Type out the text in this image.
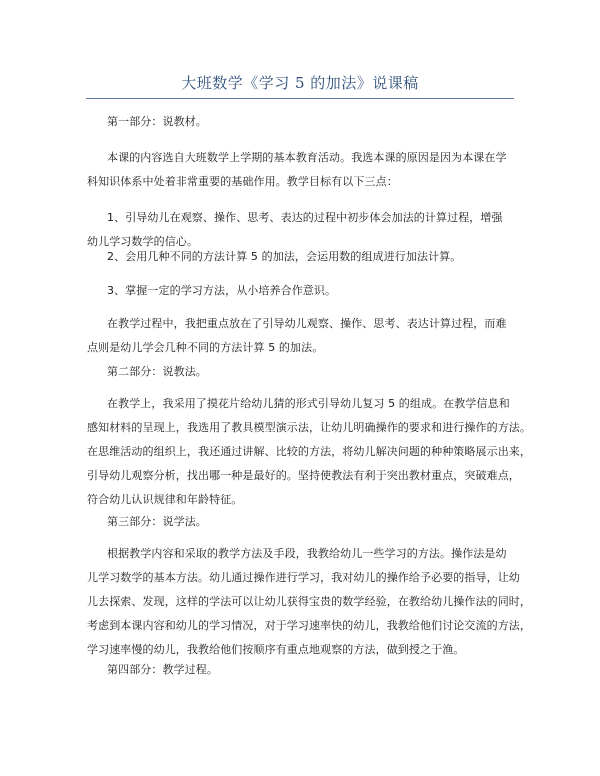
大班数学《学习 5 的加法》说课稿
第一部分：说教材。
本课的内容选自大班数学上学期的基本教育活动。我选本课的原因是因为本课在学
科知识体系中处着非常重要的基础作用。教学目标有以下三点：
1、引导幼儿在观察、操作、思考、表达的过程中初步体会加法的计算过程，增强
幼儿学习数学的信心。
2、会用几种不同的方法计算 5 的加法，会运用数的组成进行加法计算。
3、掌握一定的学习方法，从小培养合作意识。
在教学过程中，我把重点放在了引导幼儿观察、操作、思考、表达计算过程，而难
点则是幼儿学会几种不同的方法计算 5 的加法。
第二部分：说教法。
在教学上，我采用了摸花片给幼儿猜的形式引导幼儿复习 5 的组成。在教学信息和
感知材料的呈现上，我选用了教具模型演示法，让幼儿明确操作的要求和进行操作的方法。
在思维活动的组织上，我还通过讲解、比较的方法，将幼儿解决问题的种种策略展示出来，
引导幼儿观察分析，找出哪一种是最好的。坚持使教法有利于突出教材重点，突破难点，
符合幼儿认识规律和年龄特征。
第三部分：说学法。
根据教学内容和采取的教学方法及手段，我教给幼儿一些学习的方法。操作法是幼
儿学习数学的基本方法。幼儿通过操作进行学习，我对幼儿的操作给予必要的指导，让幼
儿去探索、发现，这样的学法可以让幼儿获得宝贵的数学经验，在教给幼儿操作法的同时，
考虑到本课内容和幼儿的学习情况，对于学习速率快的幼儿，我教给他们讨论交流的方法，
学习速率慢的幼儿，我教给他们按顺序有重点地观察的方法，做到授之于渔。
第四部分：教学过程。
